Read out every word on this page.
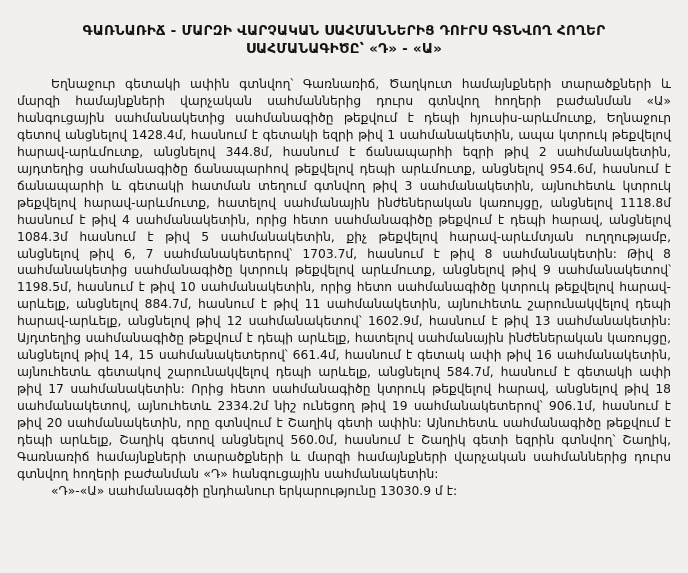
ԳԱՌՆԱՌԻՃ - ՄԱՐԶԻ ՎԱՐՉԱԿԱՆ ՍԱՀՄԱՆՆԵՐԻՑ ԴՈՒՐՍ ԳՏՆՎՈՂ ՀՈՂԵՐ
ՍԱՀՄԱՆԱԳԻԾԸ՝ «Դ» - «Ա»

Եղնաջուր գետակի ափին գտնվող՝ Գառնառիճ, Ծաղկուտ համայնքների տարածքների և մարզի համայնքների վարչական սահմաններից դուրս գտնվող հողերի բաժանման «Ա» հանգուցային սահմանակետից սահմանագիծը թեքվում է դեպի հյուսիս-արևմուտք, Եղնաջուր գետով անցնելով 1428.4մ, հասնում է գետակի եզրի թիվ 1 սահմանակետին, ապա կտրուկ թեքվելով հարավ-արևմուտք, անցնելով 344.8մ, հասնում է ճանապարհի եզրի թիվ 2 սահմանակետին, այդտեղից սահմանագիծը ճանապարհով թեքվելով դեպի արևմուտք, անցնելով 954.6մ, հասնում է ճանապարհի և գետակի հատման տեղում գտնվող թիվ 3 սահմանակետին, այնուհետև կտրուկ թեքվելով հարավ-արևմուտք, հատելով սահմանային ինժեներական կառույցը, անցնելով 1118.8մ հասնում է թիվ 4 սահմանակետին, որից հետո սահմանագիծը թեքվում է դեպի հարավ, անցնելով 1084.3մ հասնում է թիվ 5 սահմանակետին, քիչ թեքվելով հարավ-արևմտյան ուղղությամբ, անցնելով թիվ 6, 7 սահմանակետերով՝ 1703.7մ, հասնում է թիվ 8 սահմանակետին: Թիվ 8 սահմանակետից սահմանագիծը կտրուկ թեքվելով արևմուտք, անցնելով թիվ 9 սահմանակետով՝ 1198.5մ, հասնում է թիվ 10 սահմանակետին, որից հետո սահմանագիծը կտրուկ թեքվելով հարավ-արևելք, անցնելով 884.7մ, հասնում է թիվ 11 սահմանակետին, այնուհետև շարունակվելով դեպի հարավ-արևելք, անցնելով թիվ 12 սահմանակետով՝ 1602.9մ, հասնում է թիվ 13 սահմանակետին: Այդտեղից սահմանագիծը թեքվում է դեպի արևելք, հատելով սահմանային ինժեներական կառույցը, անցնելով թիվ 14, 15 սահմանակետերով՝ 661.4մ, հասնում է գետակ ափի թիվ 16 սահմանակետին, այնուհետև գետակով շարունակվելով դեպի արևելք, անցնելով 584.7մ, հասնում է գետակի ափի թիվ 17 սահմանակետին: Որից հետո սահմանագիծը կտրուկ թեքվելով հարավ, անցնելով թիվ 18 սահմանակետով, այնուհետև 2334.2մ նիշ ունեցող թիվ 19 սահմանակետերով՝ 906.1մ, հասնում է թիվ 20 սահմանակետին, որը գտնվում է Շաղիկ գետի ափին: Այնուհետև սահմանագիծը թեքվում է դեպի արևելք, Շաղիկ գետով անցնելով 560.0մ, հասնում է Շաղիկ գետի եզրին գտնվող՝ Շաղիկ, Գառնառիճ համայնքների տարածքների և մարզի համայնքների վարչական սահմաններից դուրս գտնվող հողերի բաժանման «Դ» հանգուցային սահմանակետին:

«Դ»-«Ա» սահմանագծի ընդհանուր երկարությունը 13030.9 մ է:
